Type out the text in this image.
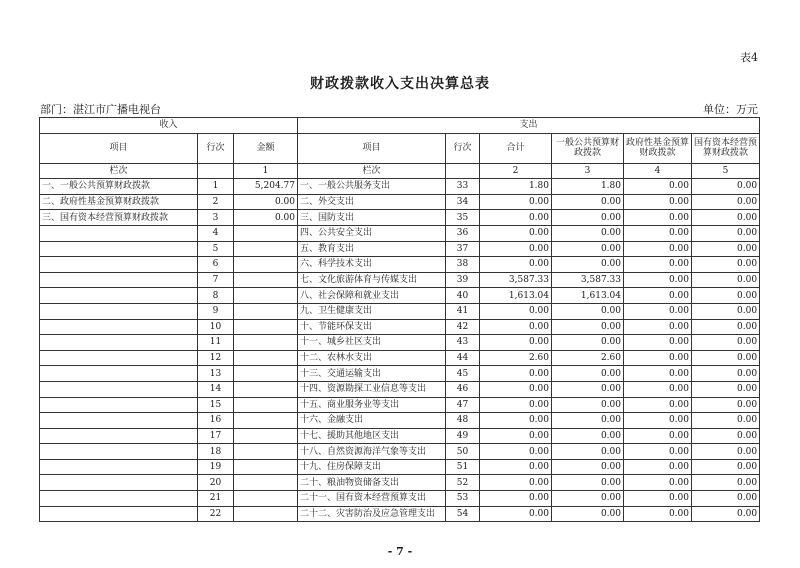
表4
财政拨款收入支出决算总表
部门：湛江市广播电视台	单位：万元
收入			支出					
项目	行次	金额	项目	行次	合计	一般公共预算财政拨款	政府性基金预算财政拨款	国有资本经营预算财政拨款
栏次		1	栏次		2	3	4	5
一、一般公共预算财政拨款	1	5,204.77	一、一般公共服务支出	33	1.80	1.80	0.00	0.00
二、政府性基金预算财政拨款	2	0.00	二、外交支出	34	0.00	0.00	0.00	0.00
三、国有资本经营预算财政拨款	3	0.00	三、国防支出	35	0.00	0.00	0.00	0.00
	4		四、公共安全支出	36	0.00	0.00	0.00	0.00
	5		五、教育支出	37	0.00	0.00	0.00	0.00
	6		六、科学技术支出	38	0.00	0.00	0.00	0.00
	7		七、文化旅游体育与传媒支出	39	3,587.33	3,587.33	0.00	0.00
	8		八、社会保障和就业支出	40	1,613.04	1,613.04	0.00	0.00
	9		九、卫生健康支出	41	0.00	0.00	0.00	0.00
	10		十、节能环保支出	42	0.00	0.00	0.00	0.00
	11		十一、城乡社区支出	43	0.00	0.00	0.00	0.00
	12		十二、农林水支出	44	2.60	2.60	0.00	0.00
	13		十三、交通运输支出	45	0.00	0.00	0.00	0.00
	14		十四、资源勘探工业信息等支出	46	0.00	0.00	0.00	0.00
	15		十五、商业服务业等支出	47	0.00	0.00	0.00	0.00
	16		十六、金融支出	48	0.00	0.00	0.00	0.00
	17		十七、援助其他地区支出	49	0.00	0.00	0.00	0.00
	18		十八、自然资源海洋气象等支出	50	0.00	0.00	0.00	0.00
	19		十九、住房保障支出	51	0.00	0.00	0.00	0.00
	20		二十、粮油物资储备支出	52	0.00	0.00	0.00	0.00
	21		二十一、国有资本经营预算支出	53	0.00	0.00	0.00	0.00
	22		二十二、灾害防治及应急管理支出	54	0.00	0.00	0.00	0.00
- 7 -
